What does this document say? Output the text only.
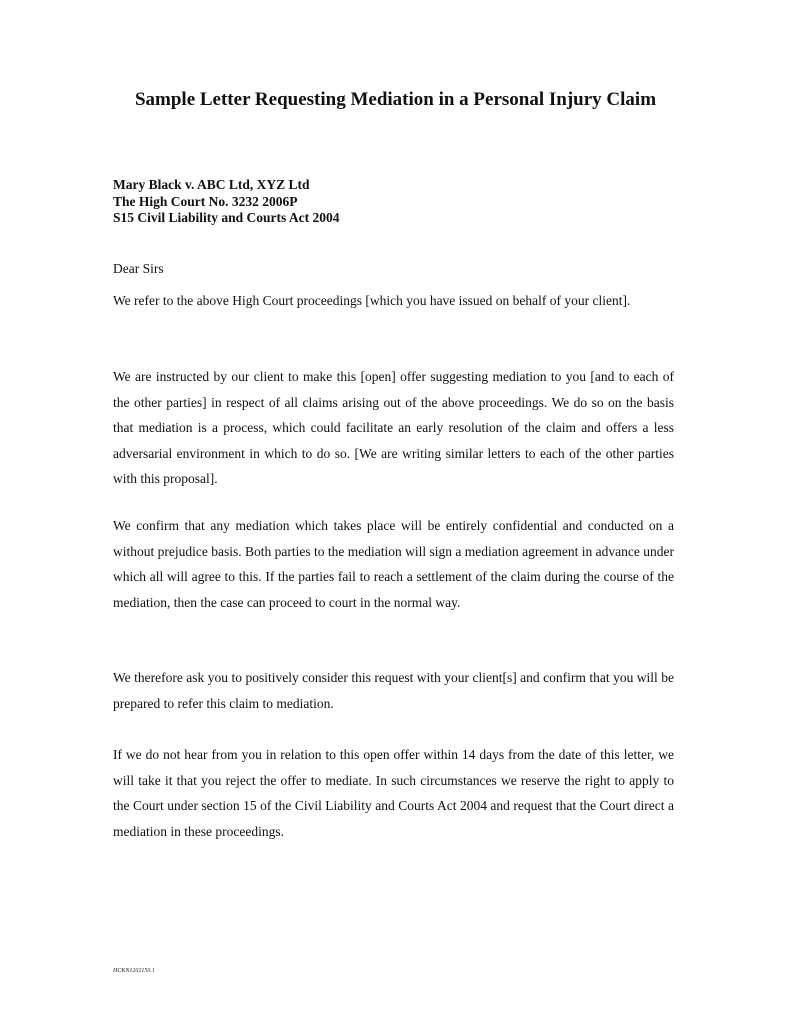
Sample Letter Requesting Mediation in a Personal Injury Claim
Mary Black v. ABC Ltd, XYZ Ltd
The High Court No. 3232 2006P
S15 Civil Liability and Courts Act 2004

Dear Sirs

We refer to the above High Court proceedings [which you have issued on behalf of your client].

We are instructed by our client to make this [open] offer suggesting mediation to you [and to each of the other parties] in respect of all claims arising out of the above proceedings. We do so on the basis that mediation is a process, which could facilitate an early resolution of the claim and offers a less adversarial environment in which to do so. [We are writing similar letters to each of the other parties with this proposal].

We confirm that any mediation which takes place will be entirely confidential and conducted on a without prejudice basis. Both parties to the mediation will sign a mediation agreement in advance under which all will agree to this. If the parties fail to reach a settlement of the claim during the course of the mediation, then the case can proceed to court in the normal way.

We therefore ask you to positively consider this request with your client[s] and confirm that you will be prepared to refer this claim to mediation.

If we do not hear from you in relation to this open offer within 14 days from the date of this letter, we will take it that you reject the offer to mediate. In such circumstances we reserve the right to apply to the Court under section 15 of the Civil Liability and Courts Act 2004 and request that the Court direct a mediation in these proceedings.

HCKN1202150.1
